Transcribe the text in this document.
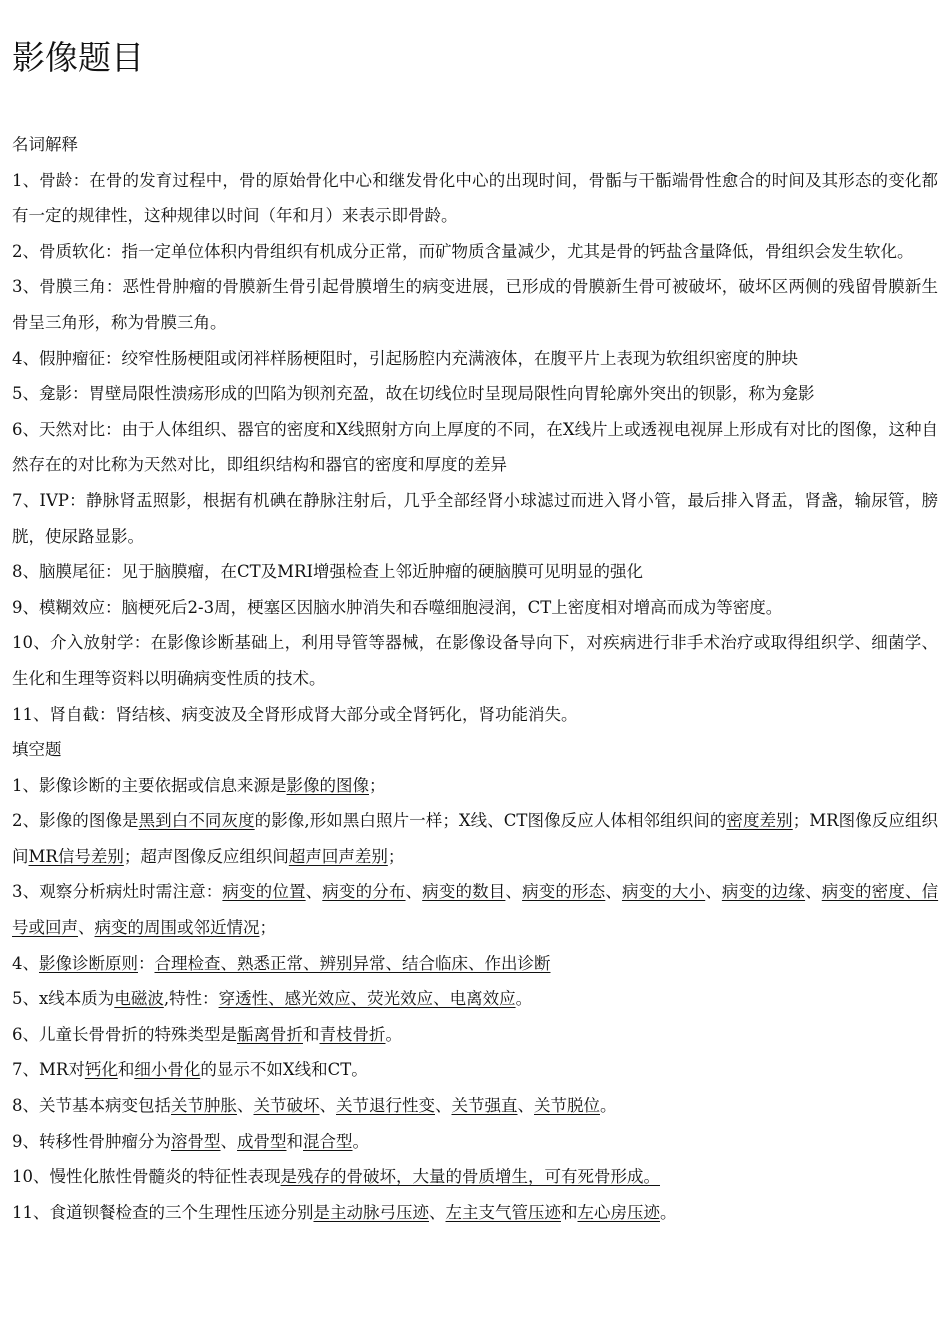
影像题目

名词解释

1、骨龄：在骨的发育过程中，骨的原始骨化中心和继发骨化中心的出现时间，骨骺与干骺端骨性愈合的时间及其形态的变化都有一定的规律性，这种规律以时间（年和月）来表示即骨龄。

2、骨质软化：指一定单位体积内骨组织有机成分正常，而矿物质含量减少，尤其是骨的钙盐含量降低，骨组织会发生软化。

3、骨膜三角：恶性骨肿瘤的骨膜新生骨引起骨膜增生的病变进展，已形成的骨膜新生骨可被破坏，破坏区两侧的残留骨膜新生骨呈三角形，称为骨膜三角。

4、假肿瘤征：绞窄性肠梗阻或闭袢样肠梗阻时，引起肠腔内充满液体，在腹平片上表现为软组织密度的肿块

5、龛影：胃壁局限性溃疡形成的凹陷为钡剂充盈，故在切线位时呈现局限性向胃轮廓外突出的钡影，称为龛影

6、天然对比：由于人体组织、器官的密度和X线照射方向上厚度的不同，在X线片上或透视电视屏上形成有对比的图像，这种自然存在的对比称为天然对比，即组织结构和器官的密度和厚度的差异

7、IVP：静脉肾盂照影，根据有机碘在静脉注射后，几乎全部经肾小球滤过而进入肾小管，最后排入肾盂，肾盏，输尿管，膀胱，使尿路显影。

8、脑膜尾征：见于脑膜瘤，在CT及MRI增强检查上邻近肿瘤的硬脑膜可见明显的强化

9、模糊效应：脑梗死后2-3周，梗塞区因脑水肿消失和吞噬细胞浸润，CT上密度相对增高而成为等密度。

10、介入放射学：在影像诊断基础上，利用导管等器械，在影像设备导向下，对疾病进行非手术治疗或取得组织学、细菌学、生化和生理等资料以明确病变性质的技术。

11、肾自截：肾结核、病变波及全肾形成肾大部分或全肾钙化，肾功能消失。

填空题

1、影像诊断的主要依据或信息来源是影像的图像；

2、影像的图像是黑到白不同灰度的影像,形如黑白照片一样；X线、CT图像反应人体相邻组织间的密度差别；MR图像反应组织间MR信号差别；超声图像反应组织间超声回声差别；

3、观察分析病灶时需注意：病变的位置、病变的分布、病变的数目、病变的形态、病变的大小、病变的边缘、病变的密度、信号或回声、病变的周围或邻近情况；

4、影像诊断原则：合理检查、熟悉正常、辨别异常、结合临床、作出诊断

5、x线本质为电磁波,特性：穿透性、感光效应、荧光效应、电离效应。

6、儿童长骨骨折的特殊类型是骺离骨折和青枝骨折。

7、MR对钙化和细小骨化的显示不如X线和CT。

8、关节基本病变包括关节肿胀、关节破坏、关节退行性变、关节强直、关节脱位。

9、转移性骨肿瘤分为溶骨型、成骨型和混合型。

10、慢性化脓性骨髓炎的特征性表现是残存的骨破坏，大量的骨质增生，可有死骨形成。

11、食道钡餐检查的三个生理性压迹分别是主动脉弓压迹、左主支气管压迹和左心房压迹。
